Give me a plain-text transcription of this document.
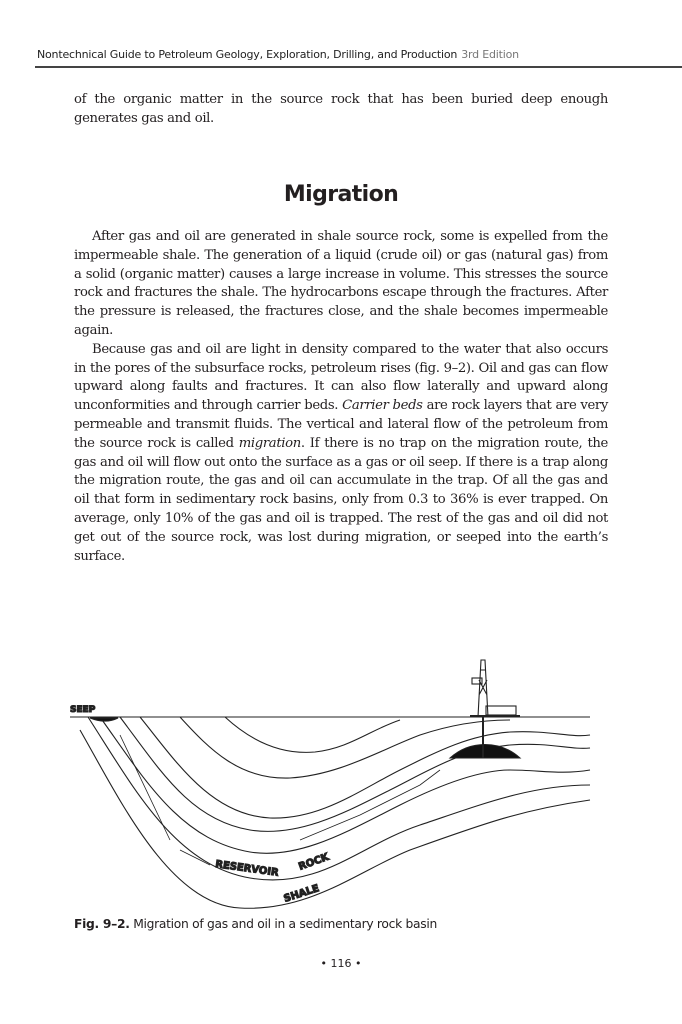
Nontechnical Guide to Petroleum Geology, Exploration, Drilling, and Production 3rd Edition

of the organic matter in the source rock that has been buried deep enough generates gas and oil.

Migration

After gas and oil are generated in shale source rock, some is expelled from the impermeable shale. The generation of a liquid (crude oil) or gas (natural gas) from a solid (organic matter) causes a large increase in volume. This stresses the source rock and fractures the shale. The hydrocarbons escape through the fractures. After the pressure is released, the fractures close, and the shale becomes impermeable again.

Because gas and oil are light in density compared to the water that also occurs in the pores of the subsurface rocks, petroleum rises (fig. 9–2). Oil and gas can flow upward along faults and fractures. It can also flow laterally and upward along unconformities and through carrier beds. Carrier beds are rock layers that are very permeable and transmit fluids. The vertical and lateral flow of the petroleum from the source rock is called migration. If there is no trap on the migration route, the gas and oil will flow out onto the surface as a gas or oil seep. If there is a trap along the migration route, the gas and oil can accumulate in the trap. Of all the gas and oil that form in sedimentary rock basins, only from 0.3 to 36% is ever trapped. On average, only 10% of the gas and oil is trapped. The rest of the gas and oil did not get out of the source rock, was lost during migration, or seeped into the earth’s surface.

SEEP
RESERVOIR ROCK
SHALE
Fig. 9–2. Migration of gas and oil in a sedimentary rock basin
• 116 •
